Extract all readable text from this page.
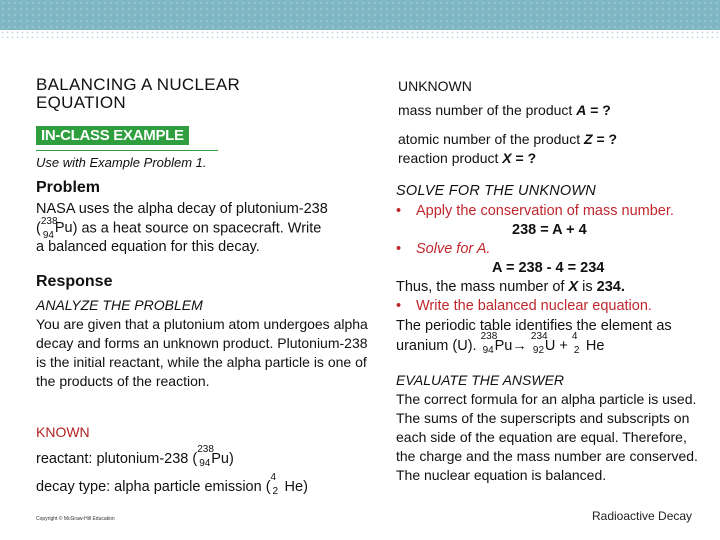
BALANCING A NUCLEAR
EQUATION
IN-CLASS EXAMPLE
Use with Example Problem 1.
Problem
NASA uses the alpha decay of plutonium-238
( 238
94 Pu) as a heat source on spacecraft. Write
a balanced equation for this decay.
Response
ANALYZE THE PROBLEM
You are given that a plutonium atom undergoes alpha decay and forms an unknown product. Plutonium-238 is the initial reactant, while the alpha particle is one of the products of the reaction.
KNOWN
reactant: plutonium-238 (
238
94 Pu)
decay type: alpha particle emission (
4
2 He)
Copyright © McGraw-Hill Education
UNKNOWN
mass number of the product A = ?
atomic number of the product Z = ?
reaction product X = ?
SOLVE FOR THE UNKNOWN
• Apply the conservation of mass number.
238 = A + 4
• Solve for A.
A = 238 - 4 = 234
Thus, the mass number of X is 234.
• Write the balanced nuclear equation.
The periodic table identifies the element as
uranium (U).
238
94 Pu→
234
92 U +
4
2 He
EVALUATE THE ANSWER
The correct formula for an alpha particle is used. The sums of the superscripts and subscripts on each side of the equation are equal. Therefore, the charge and the mass number are conserved. The nuclear equation is balanced.
Radioactive Decay
